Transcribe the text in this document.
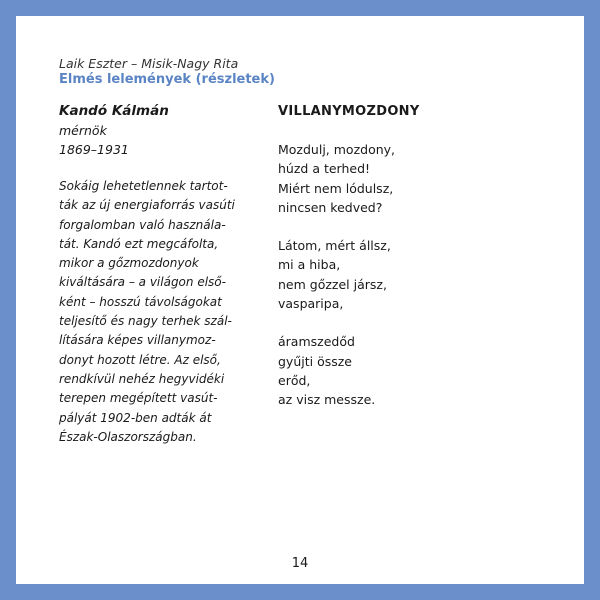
Laik Eszter – Misik-Nagy Rita
Elmés lelemények (részletek)
Kandó Kálmán
mérnök
1869–1931
Sokáig lehetetlennek tartot-
ták az új energiaforrás vasúti
forgalomban való használa-
tát. Kandó ezt megcáfolta,
mikor a gőzmozdonyok
kiváltására – a világon első-
ként – hosszú távolságokat
teljesítő és nagy terhek szál-
lítására képes villanymoz-
donyt hozott létre. Az első,
rendkívül nehéz hegyvidéki
terepen megépített vasút-
pályát 1902-ben adták át
Észak-Olaszországban.
VILLANYMOZDONY
Mozdulj, mozdony,
húzd a terhed!
Miért nem lódulsz,
nincsen kedved?
Látom, mért állsz,
mi a hiba,
nem gőzzel jársz,
vasparipa,
áramszedőd
gyűjti össze
erőd,
az visz messze.
14
